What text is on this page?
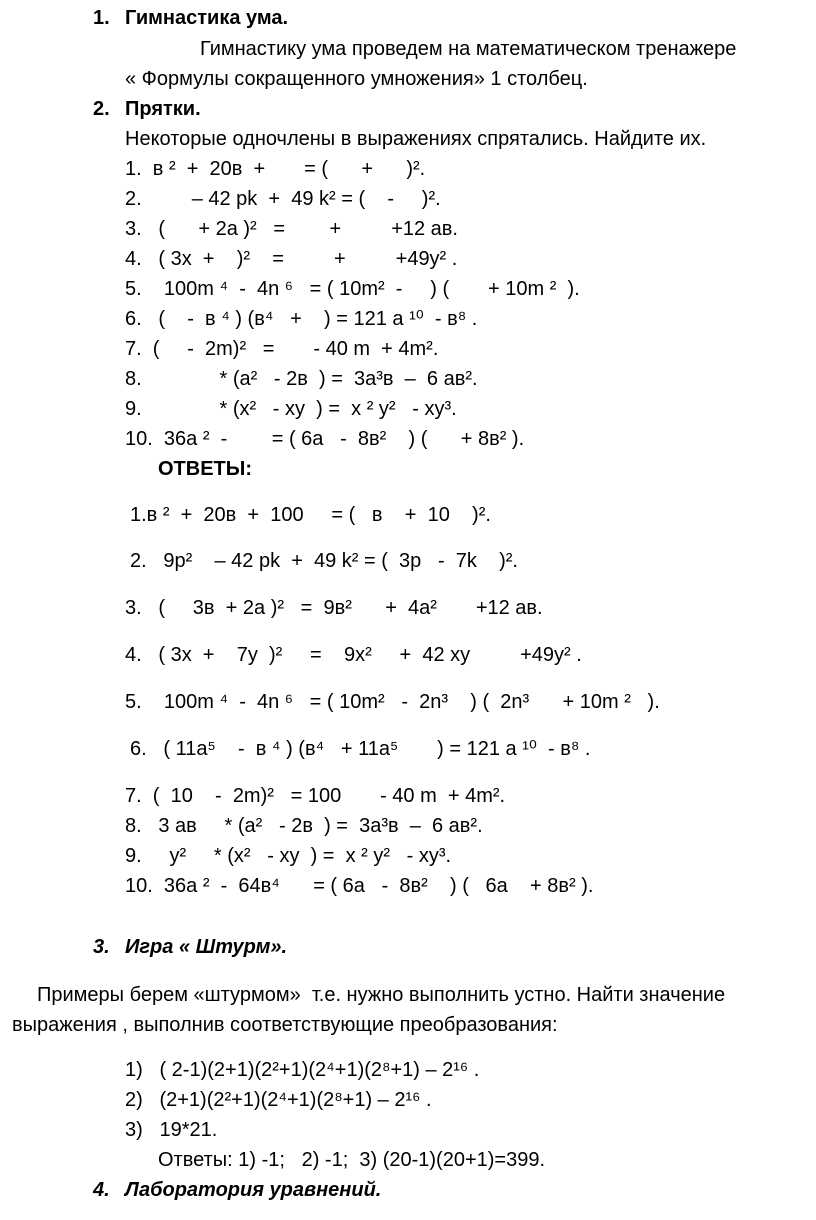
1. Гимнастика ума.
Гимнастику ума проведем на математическом тренажере
« Формулы сокращенного умножения» 1 столбец.
2. Прятки.
Некоторые одночлены в выражениях спрятались. Найдите их.
1.  в ²  +  20в  +       = (      +      )².
2.         – 42 pk  +  49 k² = (    -     )².
3.   (      + 2a )²   =        +         +12 ав.
4.   ( 3x  +    )²    =         +         +49y² .
5.    100m ⁴  -  4n ⁶   = ( 10m²  -     ) (       + 10m ²  ).
6.   (    -  в ⁴ ) (в⁴   +    ) = 121 a ¹⁰  - в⁸ .
7.  (     -  2m)²   =       - 40 m  + 4m².
8.              * (a²   - 2в  ) =  3a³в  –  6 ав².
9.              * (x²   - xy  ) =  x ² y²   - xy³.
10.  36a ²  -        = ( 6a   -  8в²    ) (      + 8в² ).
ОТВЕТЫ:
1.в ²  +  20в  +  100     = (   в    +  10    )².
2.   9p²    – 42 pk  +  49 k² = (  3p   -  7k    )².
3.   (     3в  + 2a )²   =  9в²      +  4a²       +12 ав.
4.   ( 3x  +    7y  )²     =    9x²     +  42 xy         +49y² .
5.    100m ⁴  -  4n ⁶   = ( 10m²   -  2n³    ) (  2n³      + 10m ²   ).
6.   ( 11a⁵    -  в ⁴ ) (в⁴   + 11a⁵       ) = 121 a ¹⁰  - в⁸ .
7.  (  10    -  2m)²   = 100       - 40 m  + 4m².
8.   3 aв     * (a²   - 2в  ) =  3a³в  –  6 ав².
9.     y²     * (x²   - xy  ) =  x ² y²   - xy³.
10.  36a ²  -  64в⁴      = ( 6a   -  8в²    ) (   6a    + 8в² ).
3. Игра « Штурм».
Примеры берем «штурмом»  т.е. нужно выполнить устно. Найти значение
выражения , выполнив соответствующие преобразования:
1)   ( 2-1)(2+1)(2²+1)(2⁴+1)(2⁸+1) – 2¹⁶ .
2)   (2+1)(2²+1)(2⁴+1)(2⁸+1) – 2¹⁶ .
3)   19*21.
Ответы: 1) -1;   2) -1;  3) (20-1)(20+1)=399.
4. Лаборатория уравнений.
